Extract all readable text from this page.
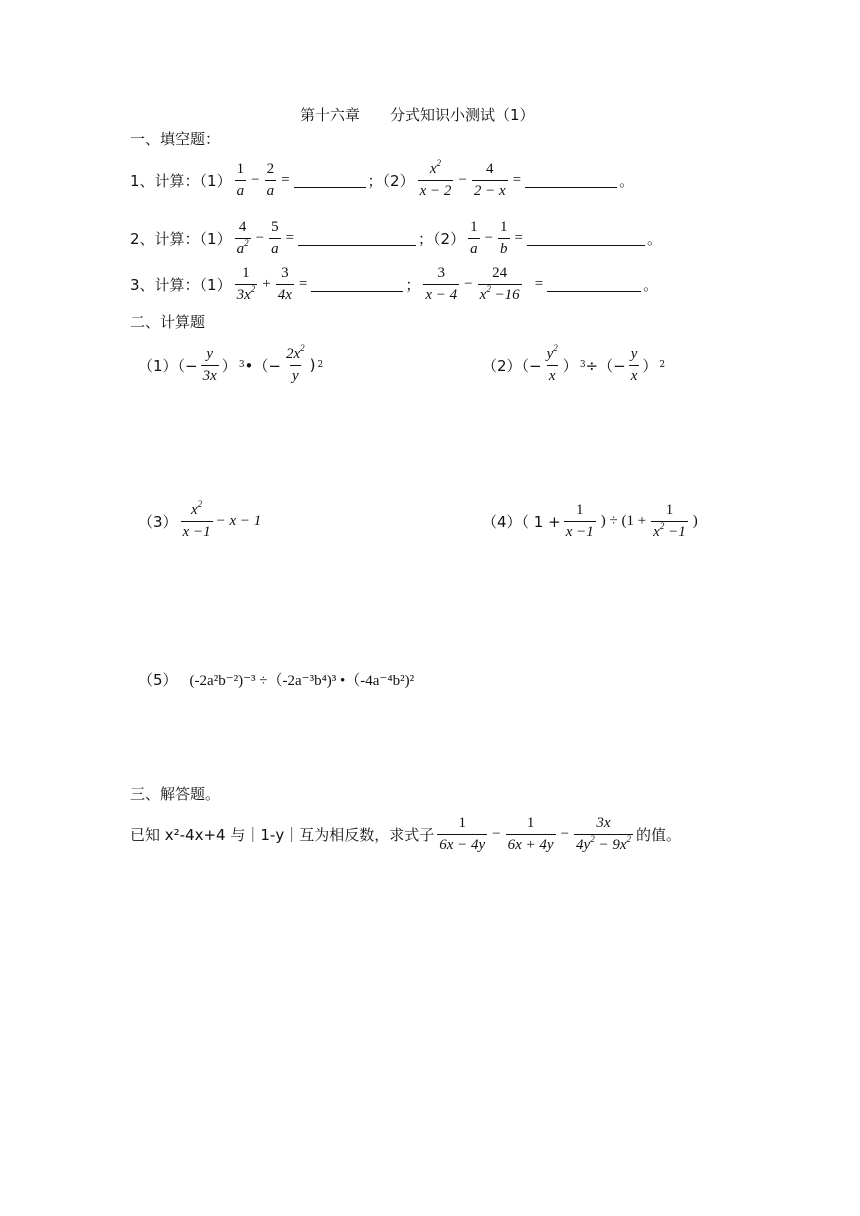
第十六章　　分式知识小测试（1）
一、填空题：
1、计算：$(1) \frac{1}{a} - \frac{2}{a}$ =	；$(2) \frac{x^2}{x - 2} - \frac{4}{2 - x}$ =	。
2、计算：$(1) \frac{4}{a^2} - \frac{5}{a}$ =	；$(2) \frac{1}{a} - \frac{1}{b}$ =	。
3、计算：$(1) \frac{1}{3x^2} + \frac{3}{4x}$ =	； $\frac{3}{x - 4} - \frac{24}{x^2 -16}$ =	。
二、计算题
$(1)(- \frac{y}{3x}$ ） 3 •（− $\frac{2x^2}{y}$ ) 2	$(2)(- \frac{y^2}{x}$ ） 3 ÷（− $\frac{y}{x}$ ） 2
$(3) \frac{x^2}{x -1} - x - 1$	（4）（ $1 + \frac{1}{x -1}$ ) ÷ ($1 + \frac{1}{x^2 -1}$ )
（5） (-2a²b⁻²)⁻³ ÷（-2a⁻³b⁴)³ •（-4a⁻⁴b²)²
三、解答题。
已知 x²-4x+4 与｜1-y｜互为相反数，求式子 $\frac{1}{6x - 4y} - \frac{1}{6x + 4y} - \frac{3x}{4y^2 - 9x^2}$ 的值。
